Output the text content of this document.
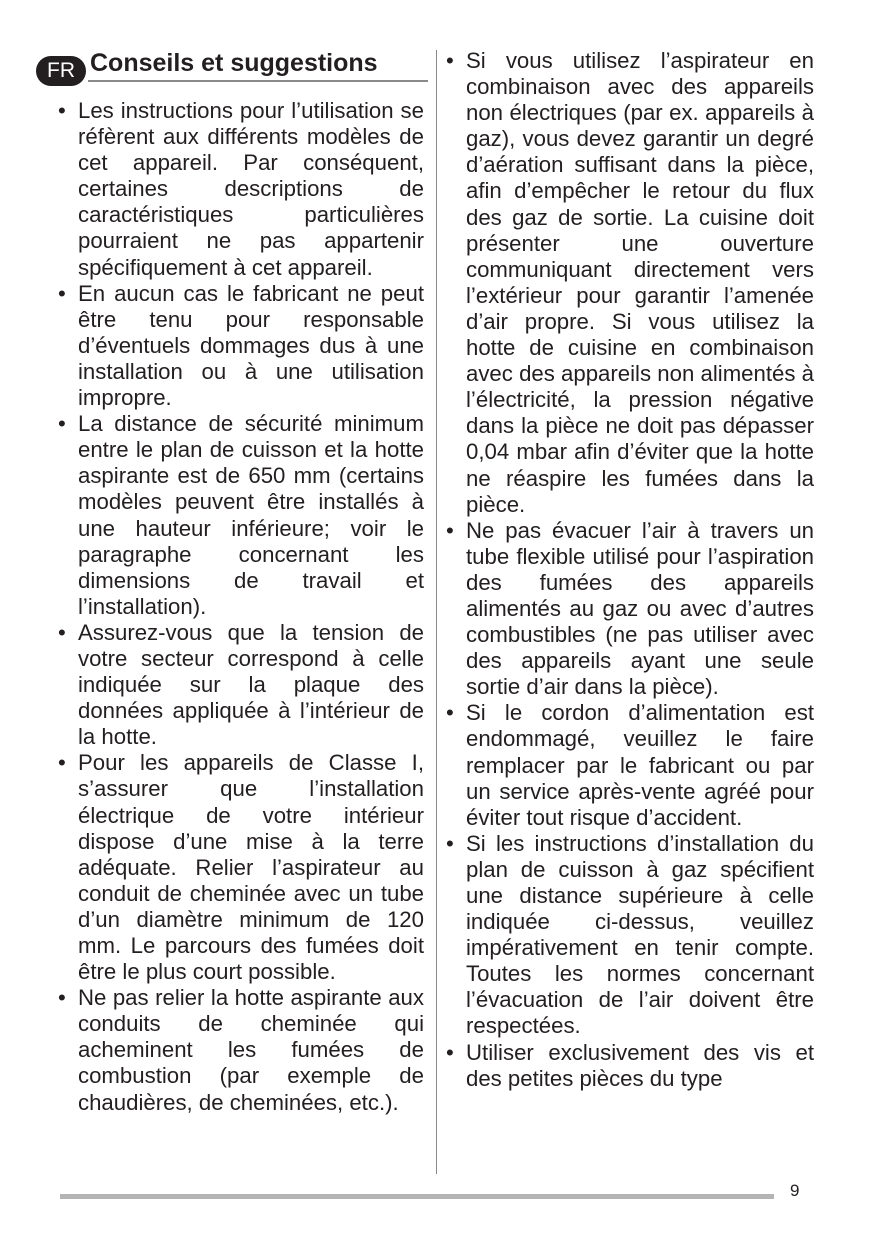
FR Conseils et suggestions
• Les instructions pour l’utilisation se réfèrent aux différents modèles de cet appareil. Par conséquent, certaines descriptions de caractéristiques particulières pourraient ne pas appartenir spécifiquement à cet appareil.
• En aucun cas le fabricant ne peut être tenu pour responsable d’éventuels dommages dus à une installation ou à une utilisation impropre.
• La distance de sécurité minimum entre le plan de cuisson et la hotte aspirante est de 650 mm (certains modèles peuvent être installés à une hauteur inférieure; voir le paragraphe concernant les dimensions de travail et l’installation).
• Assurez-vous que la tension de votre secteur correspond à celle indiquée sur la plaque des données appliquée à l’intérieur de la hotte.
• Pour les appareils de Classe I, s’assurer que l’installation électrique de votre intérieur dispose d’une mise à la terre adéquate. Relier l’aspirateur au conduit de cheminée avec un tube d’un diamètre minimum de 120 mm. Le parcours des fumées doit être le plus court possible.
• Ne pas relier la hotte aspirante aux conduits de cheminée qui acheminent les fumées de combustion (par exemple de chaudières, de cheminées, etc.).
• Si vous utilisez l’aspirateur en combinaison avec des appareils non électriques (par ex. appareils à gaz), vous devez garantir un degré d’aération suffisant dans la pièce, afin d’empêcher le retour du flux des gaz de sortie. La cuisine doit présenter une ouverture communiquant directement vers l’extérieur pour garantir l’amenée d’air propre. Si vous utilisez la hotte de cuisine en combinaison avec des appareils non alimentés à l’électricité, la pression négative dans la pièce ne doit pas dépasser 0,04 mbar afin d’éviter que la hotte ne réaspire les fumées dans la pièce.
• Ne pas évacuer l’air à travers un tube flexible utilisé pour l’aspiration des fumées des appareils alimentés au gaz ou avec d’autres combustibles (ne pas utiliser avec des appareils ayant une seule sortie d’air dans la pièce).
• Si le cordon d’alimentation est endommagé, veuillez le faire remplacer par le fabricant ou par un service après-vente agréé pour éviter tout risque d’accident.
• Si les instructions d’installation du plan de cuisson à gaz spécifient une distance supérieure à celle indiquée ci-dessus, veuillez impérativement en tenir compte. Toutes les normes concernant l’évacuation de l’air doivent être respectées.
• Utiliser exclusivement des vis et des petites pièces du type
9
